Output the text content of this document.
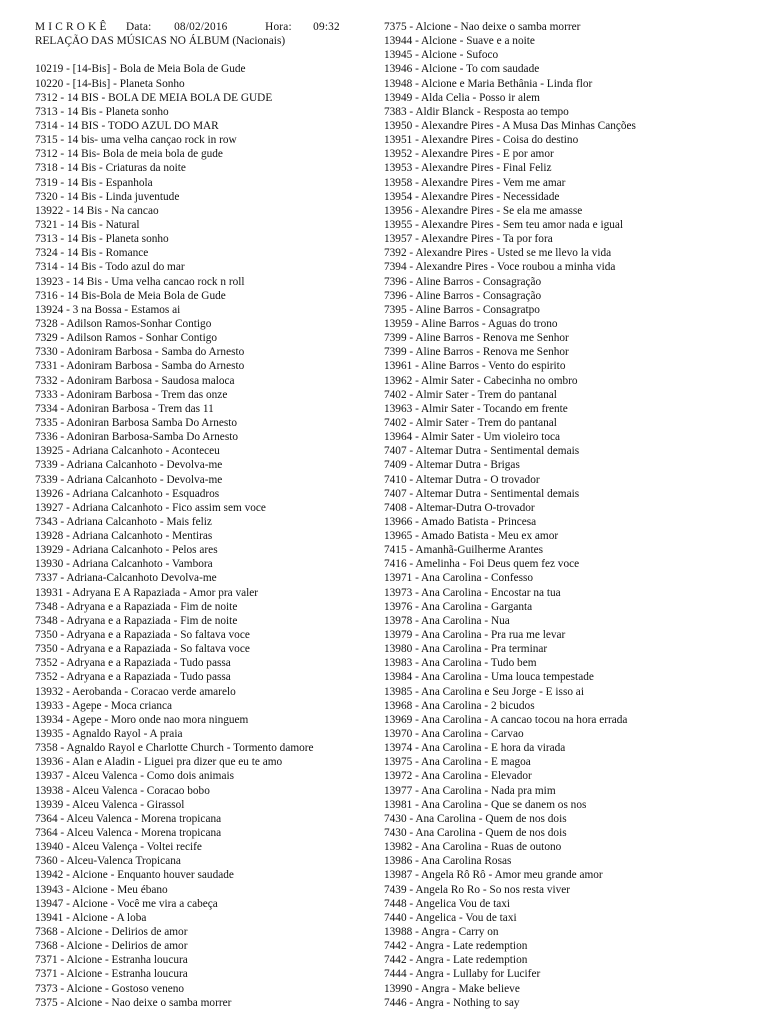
M I C R O K Ê Data: 08/02/2016	Hora: 09:32
RELAÇÃO DAS MÚSICAS NO ÁLBUM (Nacionais)
10219 - [14-Bis] - Bola de Meia Bola de Gude
10220 - [14-Bis] - Planeta Sonho
7312 - 14 BIS - BOLA DE MEIA BOLA DE GUDE
7313 - 14 Bis - Planeta sonho
7314 - 14 BIS - TODO AZUL DO MAR
7315 - 14 bis- uma velha cançao rock in row
7312 - 14 Bis- Bola de meia bola de gude
7318 - 14 Bis - Criaturas da noite
7319 - 14 Bis - Espanhola
7320 - 14 Bis - Linda juventude
13922 - 14 Bis - Na cancao
7321 - 14 Bis - Natural
7313 - 14 Bis - Planeta sonho
7324 - 14 Bis - Romance
7314 - 14 Bis - Todo azul do mar
13923 - 14 Bis - Uma velha cancao rock n roll
7316 - 14 Bis-Bola de Meia Bola de Gude
13924 - 3 na Bossa - Estamos ai
7328 - Adilson Ramos-Sonhar Contigo
7329 - Adilson Ramos - Sonhar Contigo
7330 - Adoniram Barbosa - Samba do Arnesto
7331 - Adoniram Barbosa - Samba do Arnesto
7332 - Adoniram Barbosa - Saudosa maloca
7333 - Adoniram Barbosa - Trem das onze
7334 - Adoniran Barbosa - Trem das 11
7335 - Adoniran Barbosa Samba Do Arnesto
7336 - Adoniran Barbosa-Samba Do Arnesto
13925 - Adriana Calcanhoto - Aconteceu
7339 - Adriana Calcanhoto - Devolva-me
7339 - Adriana Calcanhoto - Devolva-me
13926 - Adriana Calcanhoto - Esquadros
13927 - Adriana Calcanhoto - Fico assim sem voce
7343 - Adriana Calcanhoto - Mais feliz
13928 - Adriana Calcanhoto - Mentiras
13929 - Adriana Calcanhoto - Pelos ares
13930 - Adriana Calcanhoto - Vambora
7337 - Adriana-Calcanhoto Devolva-me
13931 - Adryana E A Rapaziada - Amor pra valer
7348 - Adryana e a Rapaziada - Fim de noite
7348 - Adryana e a Rapaziada - Fim de noite
7350 - Adryana e a Rapaziada - So faltava voce
7350 - Adryana e a Rapaziada - So faltava voce
7352 - Adryana e a Rapaziada - Tudo passa
7352 - Adryana e a Rapaziada - Tudo passa
13932 - Aerobanda - Coracao verde amarelo
13933 - Agepe - Moca crianca
13934 - Agepe - Moro onde nao mora ninguem
13935 - Agnaldo Rayol - A praia
7358 - Agnaldo Rayol e Charlotte Church - Tormento damore
13936 - Alan e Aladin - Liguei pra dizer que eu te amo
13937 - Alceu Valenca - Como dois animais
13938 - Alceu Valenca - Coracao bobo
13939 - Alceu Valenca - Girassol
7364 - Alceu Valenca - Morena tropicana
7364 - Alceu Valenca - Morena tropicana
13940 - Alceu Valença - Voltei recife
7360 - Alceu-Valenca Tropicana
13942 - Alcione - Enquanto houver saudade
13943 - Alcione - Meu ébano
13947 - Alcione - Você me vira a cabeça
13941 - Alcione - A loba
7368 - Alcione - Delirios de amor
7368 - Alcione - Delirios de amor
7371 - Alcione - Estranha loucura
7371 - Alcione - Estranha loucura
7373 - Alcione - Gostoso veneno
7375 - Alcione - Nao deixe o samba morrer
7375 - Alcione - Nao deixe o samba morrer
13944 - Alcione - Suave e a noite
13945 - Alcione - Sufoco
13946 - Alcione - To com saudade
13948 - Alcione e Maria Bethânia - Linda flor
13949 - Alda Celia - Posso ir alem
7383 - Aldir Blanck - Resposta ao tempo
13950 - Alexandre Pires - A Musa Das Minhas Canções
13951 - Alexandre Pires - Coisa do destino
13952 - Alexandre Pires - E por amor
13953 - Alexandre Pires - Final Feliz
13958 - Alexandre Pires - Vem me amar
13954 - Alexandre Pires - Necessidade
13956 - Alexandre Pires - Se ela me amasse
13955 - Alexandre Pires - Sem teu amor nada e igual
13957 - Alexandre Pires - Ta por fora
7392 - Alexandre Pires - Usted se me llevo la vida
7394 - Alexandre Pires - Voce roubou a minha vida
7396 - Aline Barros - Consagração
7396 - Aline Barros - Consagração
7395 - Aline Barros - Consagratpo
13959 - Aline Barros - Aguas do trono
7399 - Aline Barros - Renova me Senhor
7399 - Aline Barros - Renova me Senhor
13961 - Aline Barros - Vento do espirito
13962 - Almir Sater - Cabecinha no ombro
7402 - Almir Sater - Trem do pantanal
13963 - Almir Sater - Tocando em frente
7402 - Almir Sater - Trem do pantanal
13964 - Almir Sater - Um violeiro toca
7407 - Altemar Dutra - Sentimental demais
7409 - Altemar Dutra - Brigas
7410 - Altemar Dutra - O trovador
7407 - Altemar Dutra - Sentimental demais
7408 - Altemar-Dutra O-trovador
13966 - Amado Batista - Princesa
13965 - Amado Batista - Meu ex amor
7415 - Amanhã-Guilherme Arantes
7416 - Amelinha - Foi Deus quem fez voce
13971 - Ana Carolina - Confesso
13973 - Ana Carolina - Encostar na tua
13976 - Ana Carolina - Garganta
13978 - Ana Carolina - Nua
13979 - Ana Carolina - Pra rua me levar
13980 - Ana Carolina - Pra terminar
13983 - Ana Carolina - Tudo bem
13984 - Ana Carolina - Uma louca tempestade
13985 - Ana Carolina e Seu Jorge - E isso ai
13968 - Ana Carolina - 2 bicudos
13969 - Ana Carolina - A cancao tocou na hora errada
13970 - Ana Carolina - Carvao
13974 - Ana Carolina - E hora da virada
13975 - Ana Carolina - E magoa
13972 - Ana Carolina - Elevador
13977 - Ana Carolina - Nada pra mim
13981 - Ana Carolina - Que se danem os nos
7430 - Ana Carolina - Quem de nos dois
7430 - Ana Carolina - Quem de nos dois
13982 - Ana Carolina - Ruas de outono
13986 - Ana Carolina Rosas
13987 - Angela Rô Rô - Amor meu grande amor
7439 - Angela Ro Ro - So nos resta viver
7448 - Angelica Vou de taxi
7440 - Angelica - Vou de taxi
13988 - Angra - Carry on
7442 - Angra - Late redemption
7442 - Angra - Late redemption
7444 - Angra - Lullaby for Lucifer
13990 - Angra - Make believe
7446 - Angra - Nothing to say
